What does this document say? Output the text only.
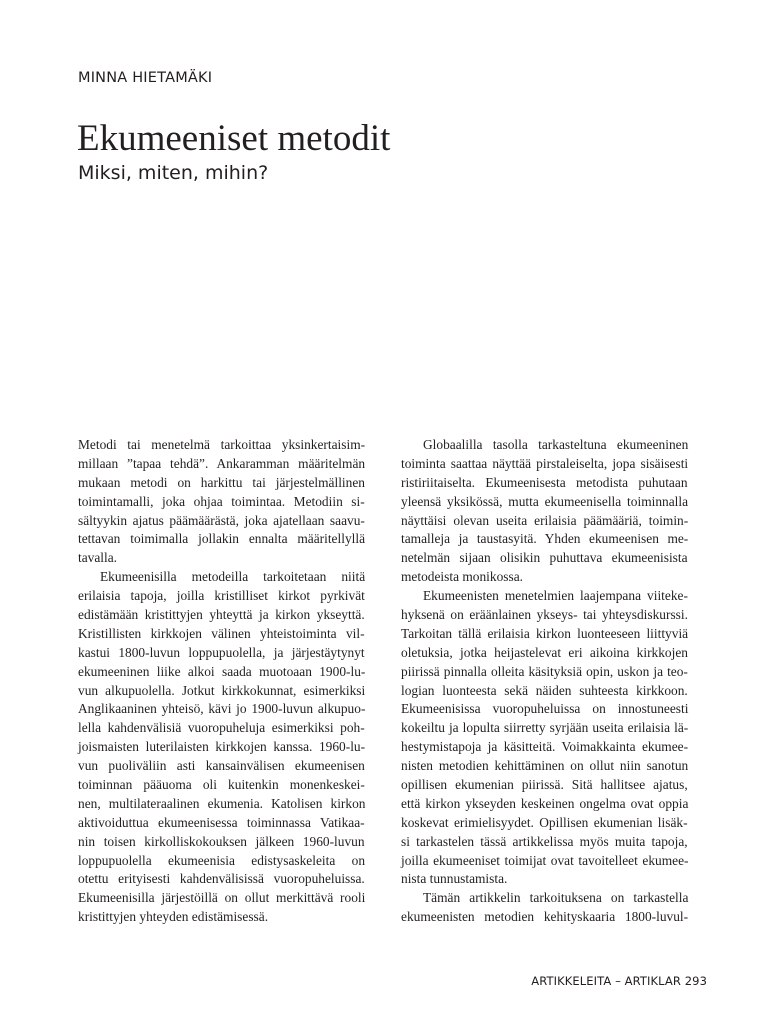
MINNA HIETAMÄKI
Ekumeeniset metodit
Miksi, miten, mihin?
Metodi tai menetelmä tarkoittaa yksinkertaisim-
millaan ”tapaa tehdä”. Ankaramman määritelmän
mukaan metodi on harkittu tai järjestelmällinen
toimintamalli, joka ohjaa toimintaa. Metodiin si-
sältyykin ajatus päämäärästä, joka ajatellaan saavu-
tettavan toimimalla jollakin ennalta määritellyllä
tavalla.
Ekumeenisilla metodeilla tarkoitetaan niitä
erilaisia tapoja, joilla kristilliset kirkot pyrkivät
edistämään kristittyjen yhteyttä ja kirkon ykseyttä.
Kristillisten kirkkojen välinen yhteistoiminta vil-
kastui 1800-luvun loppupuolella, ja järjestäytynyt
ekumeeninen liike alkoi saada muotoaan 1900-lu-
vun alkupuolella. Jotkut kirkkokunnat, esimerkiksi
Anglikaaninen yhteisö, kävi jo 1900-luvun alkupuo-
lella kahdenvälisiä vuoropuheluja esimerkiksi poh-
joismaisten luterilaisten kirkkojen kanssa. 1960-lu-
vun puoliväliin asti kansainvälisen ekumeenisen
toiminnan pääuoma oli kuitenkin monenkeskei-
nen, multilateraalinen ekumenia. Katolisen kirkon
aktivoiduttua ekumeenisessa toiminnassa Vatikaa-
nin toisen kirkolliskokouksen jälkeen 1960-luvun
loppupuolella ekumeenisia edistysaskeleita on
otettu erityisesti kahdenvälisissä vuoropuheluissa.
Ekumeenisilla järjestöillä on ollut merkittävä rooli
kristittyjen yhteyden edistämisessä.
Globaalilla tasolla tarkasteltuna ekumeeninen
toiminta saattaa näyttää pirstaleiselta, jopa sisäisesti
ristiriitaiselta. Ekumeenisesta metodista puhutaan
yleensä yksikössä, mutta ekumeenisella toiminnalla
näyttäisi olevan useita erilaisia päämääriä, toimin-
tamalleja ja taustasyitä. Yhden ekumeenisen me-
netelmän sijaan olisikin puhuttava ekumeenisista
metodeista monikossa.
Ekumeenisten menetelmien laajempana viiteke-
hyksenä on eräänlainen ykseys- tai yhteysdiskurssi.
Tarkoitan tällä erilaisia kirkon luonteeseen liittyviä
oletuksia, jotka heijastelevat eri aikoina kirkkojen
piirissä pinnalla olleita käsityksiä opin, uskon ja teo-
logian luonteesta sekä näiden suhteesta kirkkoon.
Ekumeenisissa vuoropuheluissa on innostuneesti
kokeiltu ja lopulta siirretty syrjään useita erilaisia lä-
hestymistapoja ja käsitteitä. Voimakkainta ekumee-
nisten metodien kehittäminen on ollut niin sanotun
opillisen ekumenian piirissä. Sitä hallitsee ajatus,
että kirkon ykseyden keskeinen ongelma ovat oppia
koskevat erimielisyydet. Opillisen ekumenian lisäk-
si tarkastelen tässä artikkelissa myös muita tapoja,
joilla ekumeeniset toimijat ovat tavoitelleet ekumee-
nista tunnustamista.
Tämän artikkelin tarkoituksena on tarkastella
ekumeenisten metodien kehityskaaria 1800-luvul-
ARTIKKELEITA – ARTIKLAR 293
